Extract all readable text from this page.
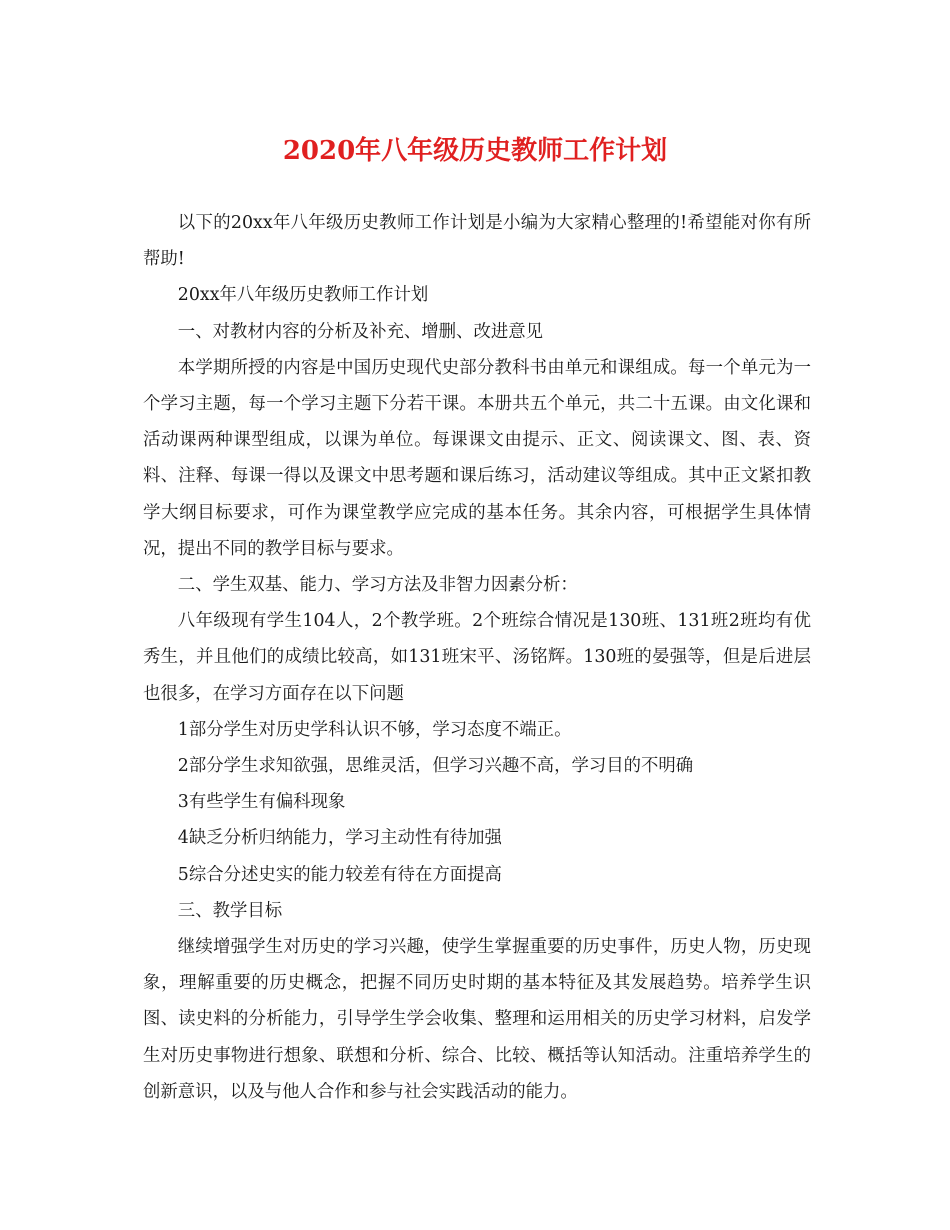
2020年八年级历史教师工作计划

以下的20xx年八年级历史教师工作计划是小编为大家精心整理的!希望能对你有所帮助!

20xx年八年级历史教师工作计划

一、对教材内容的分析及补充、增删、改进意见

本学期所授的内容是中国历史现代史部分教科书由单元和课组成。每一个单元为一个学习主题，每一个学习主题下分若干课。本册共五个单元，共二十五课。由文化课和活动课两种课型组成，以课为单位。每课课文由提示、正文、阅读课文、图、表、资料、注释、每课一得以及课文中思考题和课后练习，活动建议等组成。其中正文紧扣教学大纲目标要求，可作为课堂教学应完成的基本任务。其余内容，可根据学生具体情况，提出不同的教学目标与要求。

二、学生双基、能力、学习方法及非智力因素分析：

八年级现有学生104人，2个教学班。2个班综合情况是130班、131班2班均有优秀生，并且他们的成绩比较高，如131班宋平、汤铭辉。130班的晏强等，但是后进层也很多，在学习方面存在以下问题

1部分学生对历史学科认识不够，学习态度不端正。

2部分学生求知欲强，思维灵活，但学习兴趣不高，学习目的不明确

3有些学生有偏科现象

4缺乏分析归纳能力，学习主动性有待加强

5综合分述史实的能力较差有待在方面提高

三、教学目标

继续增强学生对历史的学习兴趣，使学生掌握重要的历史事件，历史人物，历史现象，理解重要的历史概念，把握不同历史时期的基本特征及其发展趋势。培养学生识图、读史料的分析能力，引导学生学会收集、整理和运用相关的历史学习材料，启发学生对历史事物进行想象、联想和分析、综合、比较、概括等认知活动。注重培养学生的创新意识，以及与他人合作和参与社会实践活动的能力。
